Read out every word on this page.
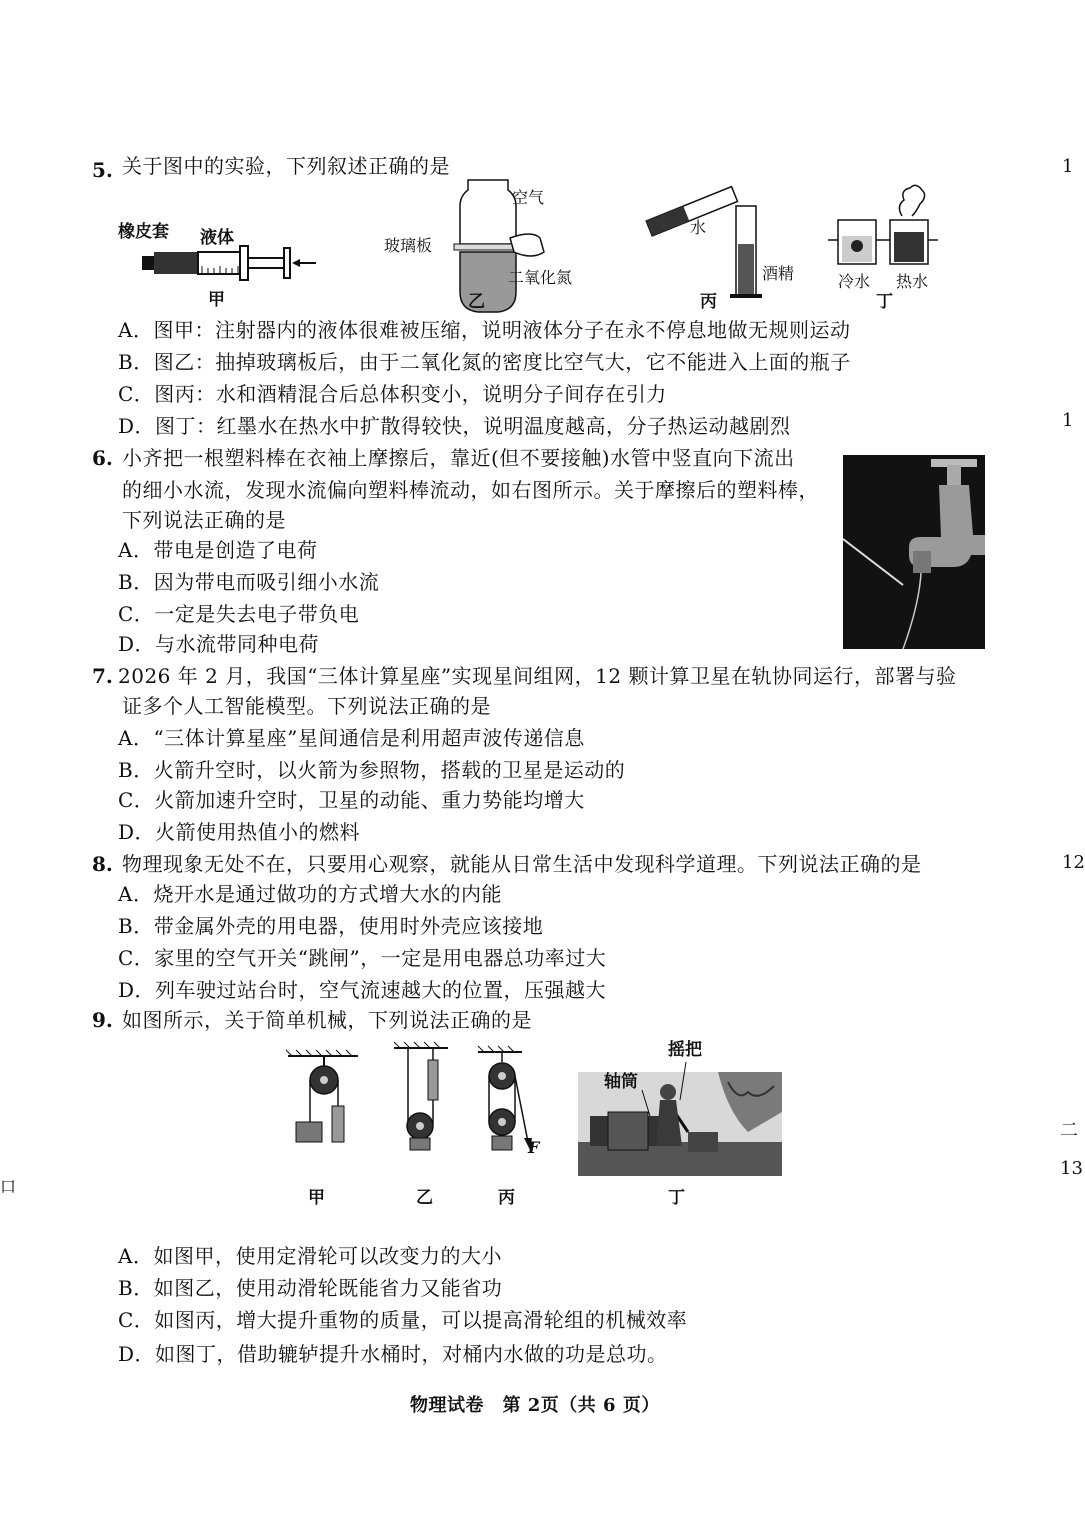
5. 关于图中的实验，下列叙述正确的是
橡皮套 液体
甲
空气
玻璃板
二氧化氮
乙
水
酒精
丙
冷水 热水
丁
A．图甲：注射器内的液体很难被压缩，说明液体分子在永不停息地做无规则运动
B．图乙：抽掉玻璃板后，由于二氧化氮的密度比空气大，它不能进入上面的瓶子
C．图丙：水和酒精混合后总体积变小，说明分子间存在引力
D．图丁：红墨水在热水中扩散得较快，说明温度越高，分子热运动越剧烈
6. 小齐把一根塑料棒在衣袖上摩擦后，靠近(但不要接触)水管中竖直向下流出
的细小水流，发现水流偏向塑料棒流动，如右图所示。关于摩擦后的塑料棒，
下列说法正确的是
A．带电是创造了电荷
B．因为带电而吸引细小水流
C．一定是失去电子带负电
D．与水流带同种电荷
7. 2026 年 2 月，我国“三体计算星座”实现星间组网，12 颗计算卫星在轨协同运行，部署与验
证多个人工智能模型。下列说法正确的是
A．“三体计算星座”星间通信是利用超声波传递信息
B．火箭升空时，以火箭为参照物，搭载的卫星是运动的
C．火箭加速升空时，卫星的动能、重力势能均增大
D．火箭使用热值小的燃料
8. 物理现象无处不在，只要用心观察，就能从日常生活中发现科学道理。下列说法正确的是
A．烧开水是通过做功的方式增大水的内能
B．带金属外壳的用电器，使用时外壳应该接地
C．家里的空气开关“跳闸”，一定是用电器总功率过大
D．列车驶过站台时，空气流速越大的位置，压强越大
9. 如图所示，关于简单机械，下列说法正确的是
F
摇把
轴筒
甲	乙	丙	丁
A．如图甲，使用定滑轮可以改变力的大小
B．如图乙，使用动滑轮既能省力又能省功
C．如图丙，增大提升重物的质量，可以提高滑轮组的机械效率
D．如图丁，借助辘轳提升水桶时，对桶内水做的功是总功。
物理试卷　第 2页（共 6 页）
1
1
12
二
13
口
